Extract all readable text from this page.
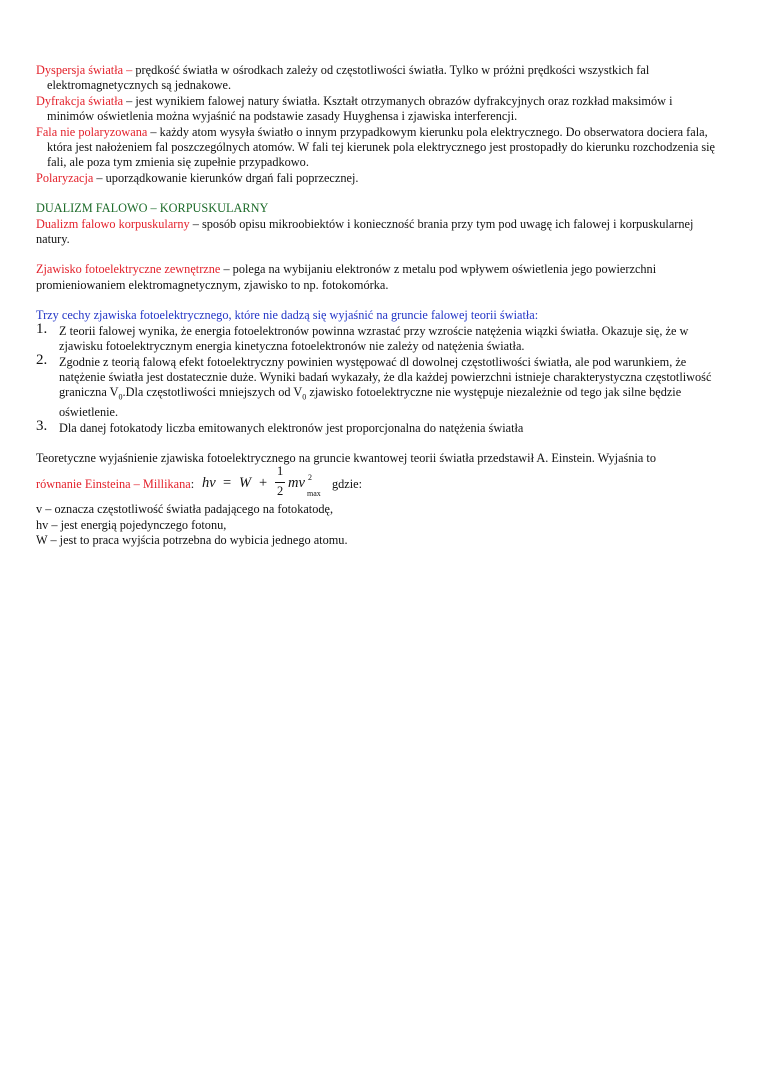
Dyspersja światła – prędkość światła w ośrodkach zależy od częstotliwości światła. Tylko w próżni prędkości wszystkich fal elektromagnetycznych są jednakowe.

Dyfrakcja światła – jest wynikiem falowej natury światła. Kształt otrzymanych obrazów dyfrakcyjnych oraz rozkład maksimów i minimów oświetlenia można wyjaśnić na podstawie zasady Huyghensa i zjawiska interferencji.

Fala nie polaryzowana – każdy atom wysyła światło o innym przypadkowym kierunku pola elektrycznego. Do obserwatora dociera fala, która jest nałożeniem fal poszczególnych atomów. W fali tej kierunek pola elektrycznego jest prostopadły do kierunku rozchodzenia się fali, ale poza tym zmienia się zupełnie przypadkowo.

Polaryzacja – uporządkowanie kierunków drgań fali poprzecznej.

DUALIZM FALOWO – KORPUSKULARNY

Dualizm falowo korpuskularny – sposób opisu mikroobiektów i konieczność brania przy tym pod uwagę ich falowej i korpuskularnej natury.

Zjawisko fotoelektryczne zewnętrzne – polega na wybijaniu elektronów z metalu pod wpływem oświetlenia jego powierzchni promieniowaniem elektromagnetycznym, zjawisko to np. fotokomórka.

Trzy cechy zjawiska fotoelektrycznego, które nie dadzą się wyjaśnić na gruncie falowej teorii światła:

1. Z teorii falowej wynika, że energia fotoelektronów powinna wzrastać przy wzroście natężenia wiązki światła. Okazuje się, że w zjawisku fotoelektrycznym energia kinetyczna fotoelektronów nie zależy od natężenia światła.
2. Zgodnie z teorią falową efekt fotoelektryczny powinien występować dl dowolnej częstotliwości światła, ale pod warunkiem, że natężenie światła jest dostatecznie duże. Wyniki badań wykazały, że dla każdej powierzchni istnieje charakterystyczna częstotliwość graniczna $V_0.Dla$ częstotliwości mniejszych od $V_0$ zjawisko fotoelektryczne nie występuje niezależnie od tego jak silne będzie oświetlenie.
3. Dla danej fotokatody liczba emitowanych elektronów jest proporcjonalna do natężenia światła

Teoretyczne wyjaśnienie zjawiska fotoelektrycznego na gruncie kwantowej teorii światła przedstawił A. Einstein. Wyjaśnia to

równanie Einsteina – Millikana: hv = W +
1
2 mv 2
max
gdzie:

v – oznacza częstotliwość światła padającego na fotokatodę,

hv – jest energią pojedynczego fotonu,

W – jest to praca wyjścia potrzebna do wybicia jednego atomu.
